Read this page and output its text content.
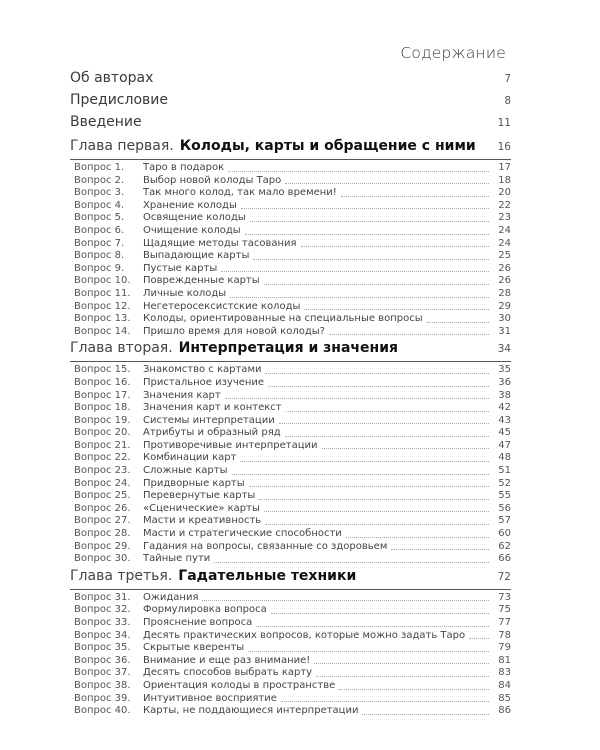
Содержание
Об авторах	7
Предисловие	8
Введение	11
Глава первая. Колоды, карты и обращение с ними	16
Вопрос 1.	Таро в подарок	17
Вопрос 2.	Выбор новой колоды Таро	18
Вопрос 3.	Так много колод, так мало времени!	20
Вопрос 4.	Хранение колоды	22
Вопрос 5.	Освящение колоды	23
Вопрос 6.	Очищение колоды	24
Вопрос 7.	Щадящие методы тасования	24
Вопрос 8.	Выпадающие карты	25
Вопрос 9.	Пустые карты	26
Вопрос 10.	Поврежденные карты	26
Вопрос 11.	Личные колоды	28
Вопрос 12.	Негетеросексистские колоды	29
Вопрос 13.	Колоды, ориентированные на специальные вопросы	30
Вопрос 14.	Пришло время для новой колоды?	31
Глава вторая. Интерпретация и значения	34
Вопрос 15.	Знакомство с картами	35
Вопрос 16.	Пристальное изучение	36
Вопрос 17.	Значения карт	38
Вопрос 18.	Значения карт и контекст	42
Вопрос 19.	Системы интерпретации	43
Вопрос 20.	Атрибуты и образный ряд	45
Вопрос 21.	Противоречивые интерпретации	47
Вопрос 22.	Комбинации карт	48
Вопрос 23.	Сложные карты	51
Вопрос 24.	Придворные карты	52
Вопрос 25.	Перевернутые карты	55
Вопрос 26.	«Сценические» карты	56
Вопрос 27.	Масти и креативность	57
Вопрос 28.	Масти и стратегические способности	60
Вопрос 29.	Гадания на вопросы, связанные со здоровьем	62
Вопрос 30.	Тайные пути	66
Глава третья. Гадательные техники	72
Вопрос 31.	Ожидания	73
Вопрос 32.	Формулировка вопроса	75
Вопрос 33.	Прояснение вопроса	77
Вопрос 34.	Десять практических вопросов, которые можно задать Таро	78
Вопрос 35.	Скрытые кверенты	79
Вопрос 36.	Внимание и еще раз внимание!	81
Вопрос 37.	Десять способов выбрать карту	83
Вопрос 38.	Ориентация колоды в пространстве	84
Вопрос 39.	Интуитивное восприятие	85
Вопрос 40.	Карты, не поддающиеся интерпретации	86
